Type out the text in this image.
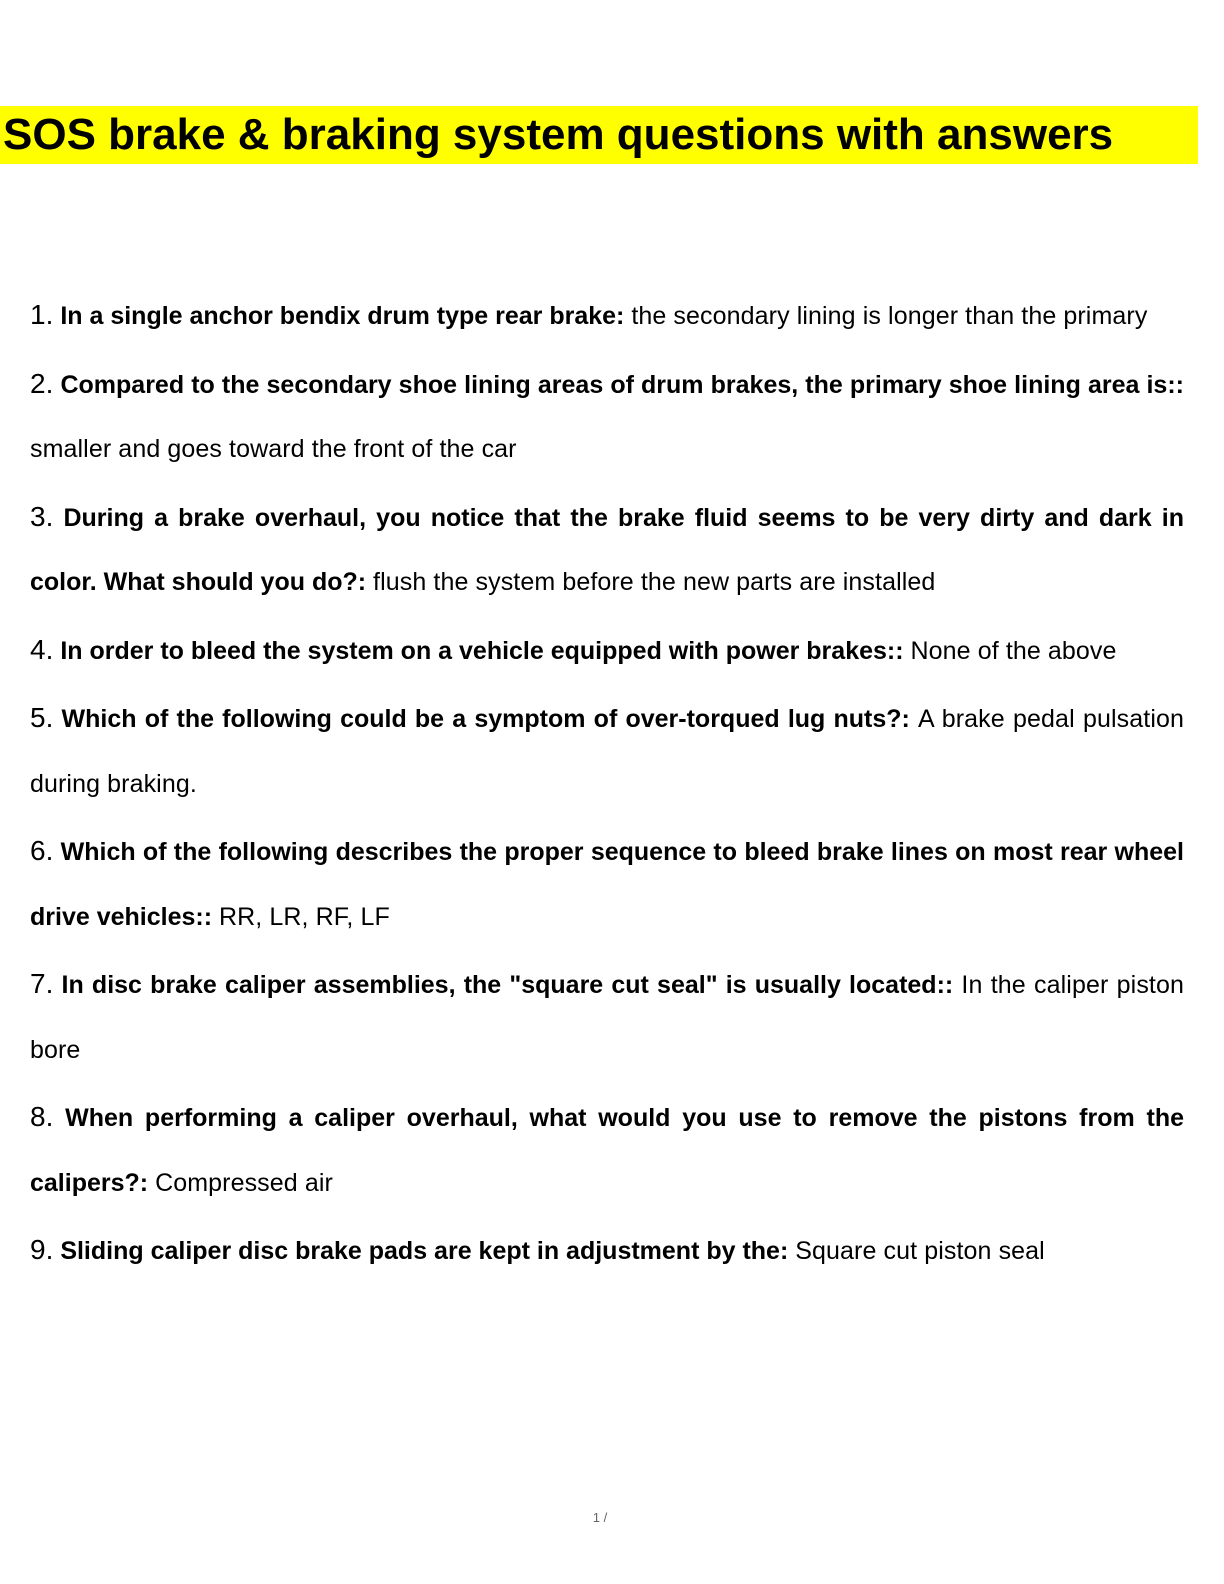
SOS brake & braking system questions with answers
1. In a single anchor bendix drum type rear brake: the secondary lining is longer than the primary
2. Compared to the secondary shoe lining areas of drum brakes, the primary shoe lining area is:: smaller and goes toward the front of the car
3. During a brake overhaul, you notice that the brake fluid seems to be very dirty and dark in color. What should you do?: flush the system before the new parts are installed
4. In order to bleed the system on a vehicle equipped with power brakes:: None of the above
5. Which of the following could be a symptom of over-torqued lug nuts?: A brake pedal pulsation during braking.
6. Which of the following describes the proper sequence to bleed brake lines on most rear wheel drive vehicles:: RR, LR, RF, LF
7. In disc brake caliper assemblies, the "square cut seal" is usually located:: In the caliper piston bore
8. When performing a caliper overhaul, what would you use to remove the pistons from the calipers?: Compressed air
9. Sliding caliper disc brake pads are kept in adjustment by the: Square cut piston seal
1 /
